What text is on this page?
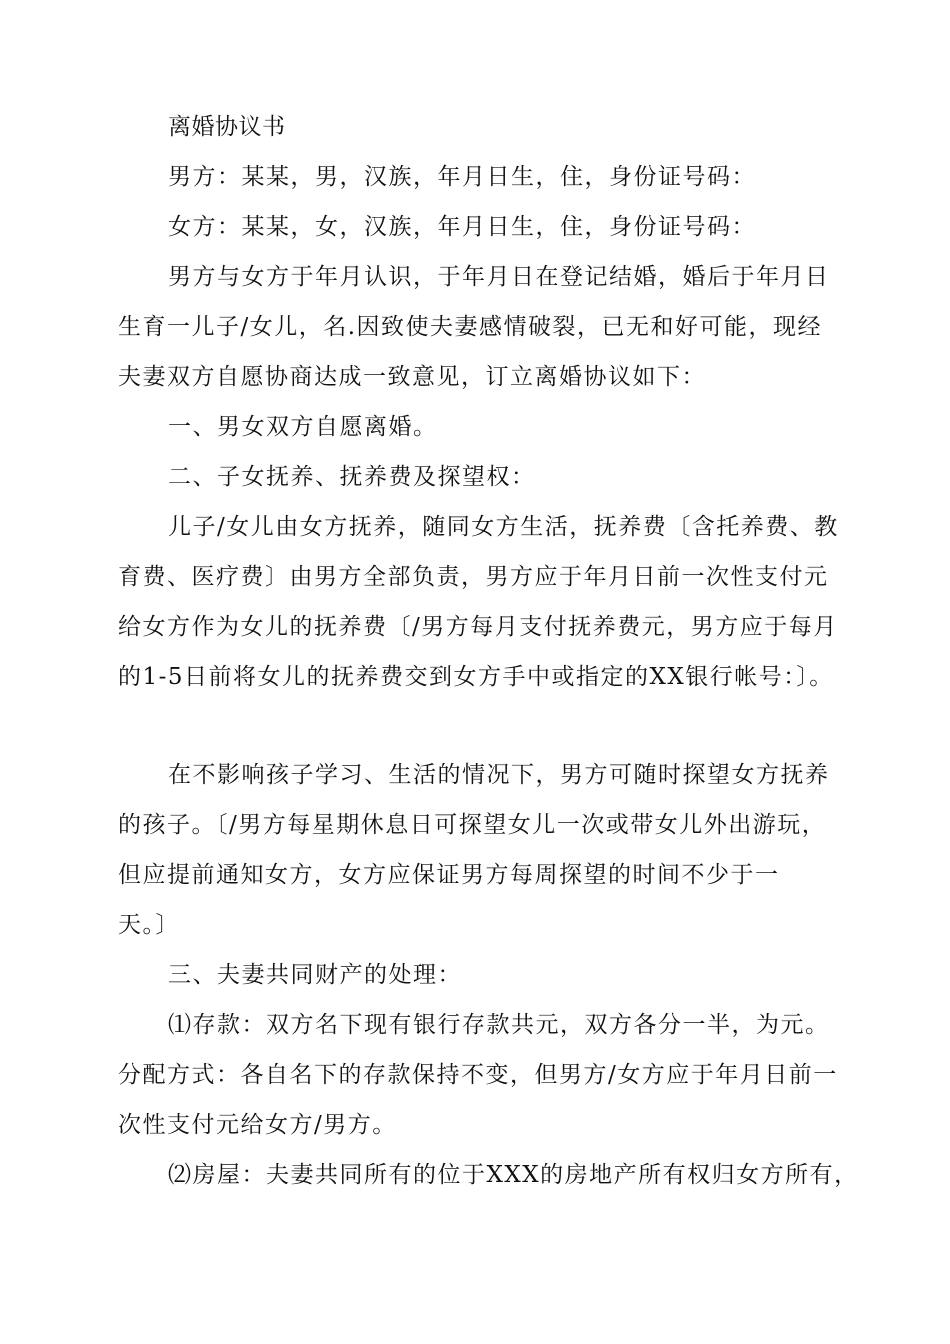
离婚协议书
男方：某某，男，汉族，年月日生，住，身份证号码：
女方：某某，女，汉族，年月日生，住，身份证号码：
男方与女方于年月认识，于年月日在登记结婚，婚后于年月日
生育一儿子/女儿，名.因致使夫妻感情破裂，已无和好可能，现经
夫妻双方自愿协商达成一致意见，订立离婚协议如下：
一、男女双方自愿离婚。
二、子女抚养、抚养费及探望权：
儿子/女儿由女方抚养，随同女方生活，抚养费〔含托养费、教
育费、医疗费〕由男方全部负责，男方应于年月日前一次性支付元
给女方作为女儿的抚养费〔/男方每月支付抚养费元，男方应于每月
的1-5日前将女儿的抚养费交到女方手中或指定的XX银行帐号：〕。
在不影响孩子学习、生活的情况下，男方可随时探望女方抚养
的孩子。〔/男方每星期休息日可探望女儿一次或带女儿外出游玩，
但应提前通知女方，女方应保证男方每周探望的时间不少于一
天。〕
三、夫妻共同财产的处理：
⑴存款：双方名下现有银行存款共元，双方各分一半，为元。
分配方式：各自名下的存款保持不变，但男方/女方应于年月日前一
次性支付元给女方/男方。
⑵房屋：夫妻共同所有的位于XXX的房地产所有权归女方所有，
